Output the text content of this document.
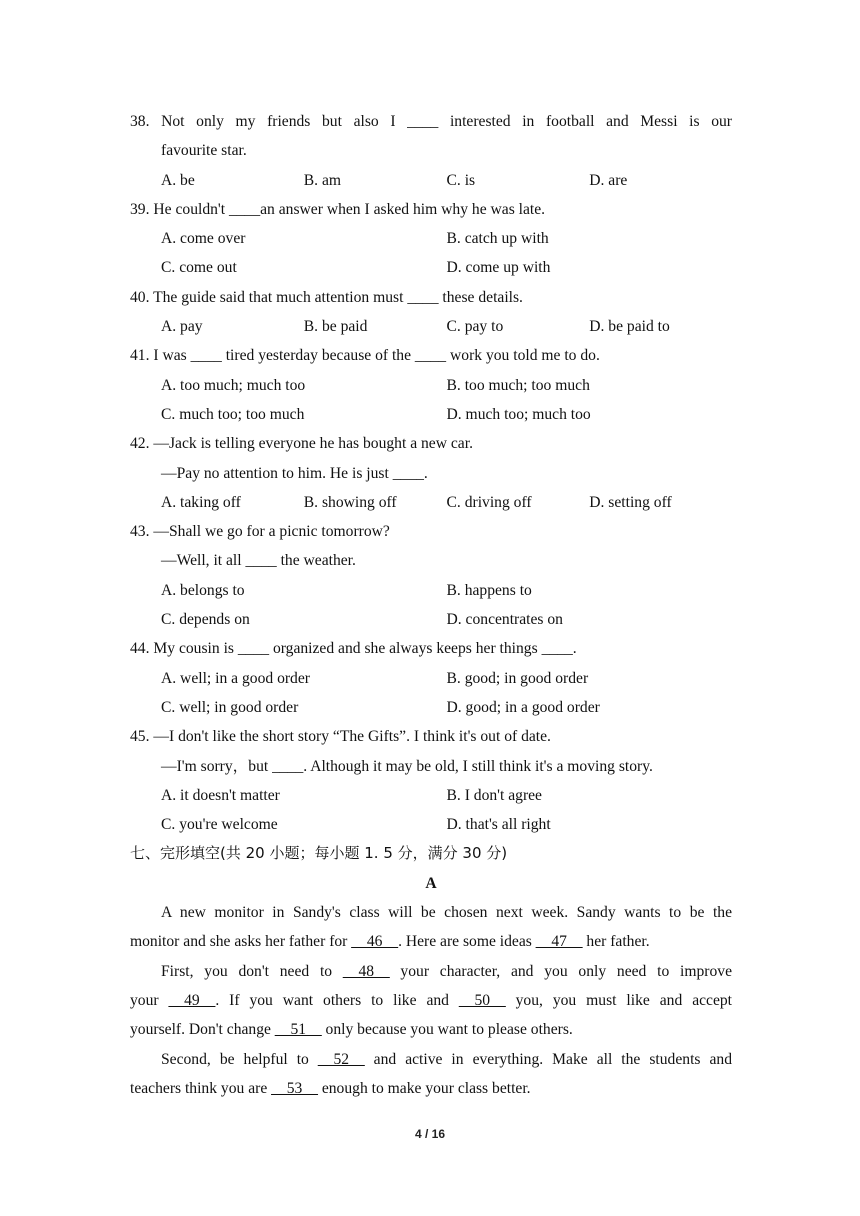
38. Not only my friends but also I ____ interested in football and Messi is our
favourite star.
A. be	B. am	C. is	D. are
39. He couldn't ____an answer when I asked him why he was late.
A. come over	B. catch up with
C. come out	D. come up with
40. The guide said that much attention must ____ these details.
A. pay	B. be paid	C. pay to	D. be paid to
41. I was ____ tired yesterday because of the ____ work you told me to do.
A. too much; much too	B. too much; too much
C. much too; too much	D. much too; much too
42. —Jack is telling everyone he has bought a new car.
—Pay no attention to him. He is just ____.
A. taking off	B. showing off	C. driving off	D. setting off
43. —Shall we go for a picnic tomorrow?
—Well, it all ____ the weather.
A. belongs to	B. happens to
C. depends on	D. concentrates on
44. My cousin is ____ organized and she always keeps her things ____.
A. well; in a good order	B. good; in good order
C. well; in good order	D. good; in a good order
45. —I don't like the short story “The Gifts”. I think it's out of date.
—I'm sorry，but ____. Although it may be old, I still think it's a moving story.
A. it doesn't matter	B. I don't agree
C. you're welcome	D. that's all right
七、完形填空(共 20 小题；每小题 1. 5 分，满分 30 分)
A
A new monitor in Sandy's class will be chosen next week. Sandy wants to be the
monitor and she asks her father for __46__. Here are some ideas __47__ her father.
First, you don't need to __48__ your character, and you only need to improve
your __49__. If you want others to like and __50__ you, you must like and accept
yourself. Don't change __51__ only because you want to please others.
Second, be helpful to __52__ and active in everything. Make all the students and
teachers think you are __53__ enough to make your class better.
4 / 16
